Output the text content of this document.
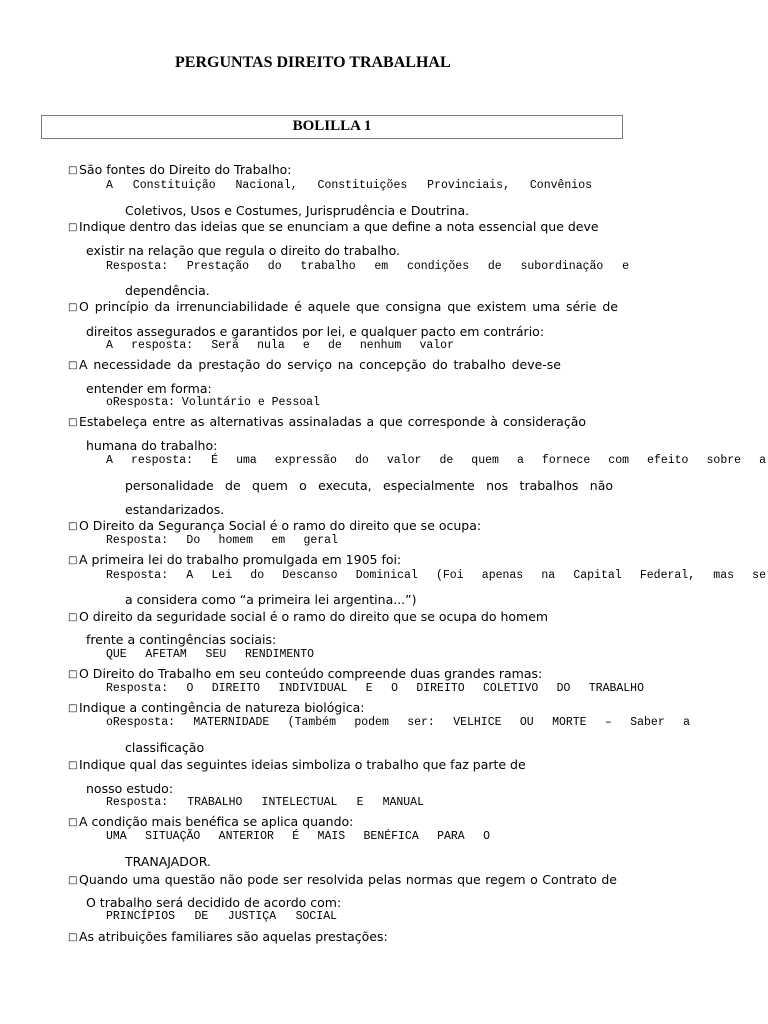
PERGUNTAS DIREITO TRABALHAL
BOLILLA 1
□ São fontes do Direito do Trabalho:
A Constituição Nacional, Constituições Provinciais, Convênios
Coletivos, Usos e Costumes, Jurisprudência e Doutrina.
□ Indique dentro das ideias que se enunciam a que define a nota essencial que deve
existir na relação que regula o direito do trabalho.
Resposta: Prestação do trabalho em condições de subordinação e
dependência.
□ O princípio da irrenunciabilidade é aquele que consigna que existem uma série de
direitos assegurados e garantidos por lei, e qualquer pacto em contrário:
A resposta: Será nula e de nenhum valor
□ A necessidade da prestação do serviço na concepção do trabalho deve-se
entender em forma:
oResposta: Voluntário e Pessoal
□ Estabeleça entre as alternativas assinaladas a que corresponde à consideração
humana do trabalho:
A resposta: É uma expressão do valor de quem a fornece com efeito sobre a
personalidade de quem o executa, especialmente nos trabalhos não
estandarizados.
□ O Direito da Segurança Social é o ramo do direito que se ocupa:
Resposta: Do homem em geral
□ A primeira lei do trabalho promulgada em 1905 foi:
Resposta: A Lei do Descanso Dominical (Foi apenas na Capital Federal, mas se
a considera como “a primeira lei argentina...”)
□ O direito da seguridade social é o ramo do direito que se ocupa do homem
frente a contingências sociais:
QUE AFETAM SEU RENDIMENTO
□ O Direito do Trabalho em seu conteúdo compreende duas grandes ramas:
Resposta: O DIREITO INDIVIDUAL E O DIREITO COLETIVO DO TRABALHO
□ Indique a contingência de natureza biológica:
oResposta: MATERNIDADE (Também podem ser: VELHICE OU MORTE – Saber a
classificação
□ Indique qual das seguintes ideias simboliza o trabalho que faz parte de
nosso estudo:
Resposta: TRABALHO INTELECTUAL E MANUAL
□ A condição mais benéfica se aplica quando:
UMA SITUAÇÃO ANTERIOR É MAIS BENÉFICA PARA O
TRANAJADOR.
□ Quando uma questão não pode ser resolvida pelas normas que regem o Contrato de
O trabalho será decidido de acordo com:
PRINCÍPIOS DE JUSTIÇA SOCIAL
□ As atribuições familiares são aquelas prestações:
